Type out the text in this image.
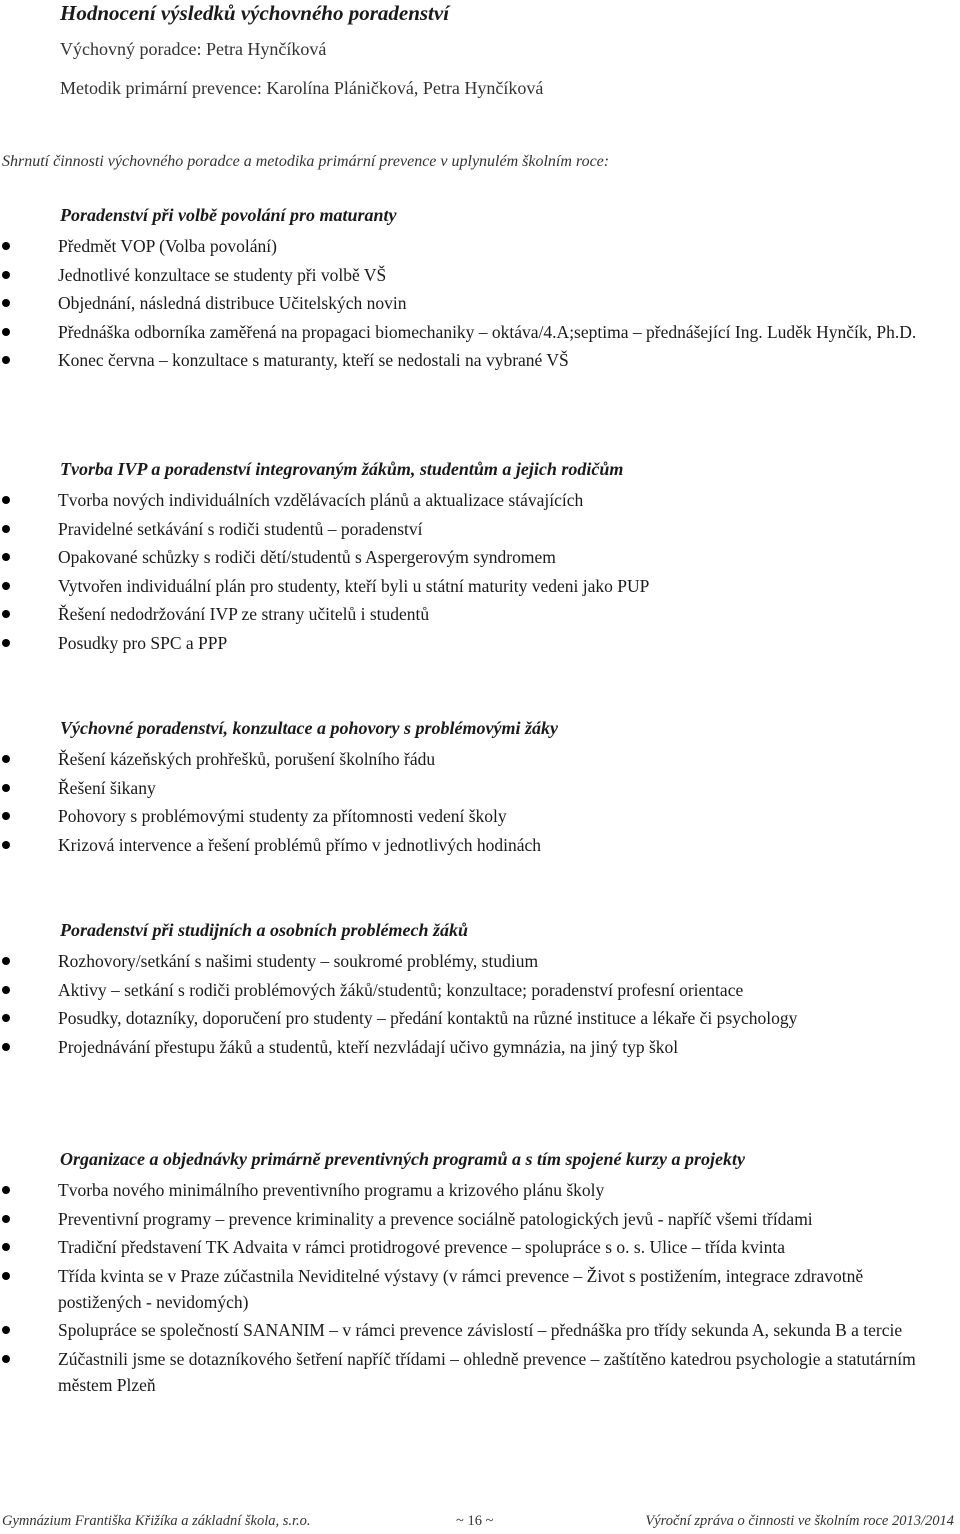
Hodnocení výsledků výchovného poradenství
Výchovný poradce: Petra Hynčíková
Metodik primární prevence: Karolína Pláničková, Petra Hynčíková
Shrnutí činnosti výchovného poradce a metodika primární prevence v uplynulém školním roce:
Poradenství při volbě povolání pro maturanty
Předmět VOP (Volba povolání)
Jednotlivé konzultace se studenty při volbě VŠ
Objednání, následná distribuce Učitelských novin
Přednáška odborníka zaměřená na propagaci biomechaniky – oktáva/4.A;septima – přednášející Ing. Luděk Hynčík, Ph.D.
Konec června – konzultace s maturanty, kteří se nedostali na vybrané VŠ
Tvorba IVP a poradenství integrovaným žákům, studentům a jejich rodičům
Tvorba nových individuálních vzdělávacích plánů a aktualizace stávajících
Pravidelné setkávání s rodiči studentů – poradenství
Opakované schůzky s rodiči dětí/studentů s Aspergerovým syndromem
Vytvořen individuální plán pro studenty, kteří byli u státní maturity vedeni jako PUP
Řešení nedodržování IVP ze strany učitelů i studentů
Posudky pro SPC a PPP
Výchovné poradenství, konzultace a pohovory s problémovými žáky
Řešení kázeňských prohřešků, porušení školního řádu
Řešení šikany
Pohovory s problémovými studenty za přítomnosti vedení školy
Krizová intervence a řešení problémů přímo v jednotlivých hodinách
Poradenství při studijních a osobních problémech žáků
Rozhovory/setkání s našimi studenty – soukromé problémy, studium
Aktivy – setkání s rodiči problémových žáků/studentů; konzultace; poradenství profesní orientace
Posudky, dotazníky, doporučení pro studenty – předání kontaktů na různé instituce a lékaře či psychology
Projednávání přestupu žáků a studentů, kteří nezvládají učivo gymnázia, na jiný typ škol
Organizace a objednávky primárně preventivných programů a s tím spojené kurzy a projekty
Tvorba nového minimálního preventivního programu a krizového plánu školy
Preventivní programy – prevence kriminality a prevence sociálně patologických jevů - napříč všemi třídami
Tradiční představení TK Advaita v rámci protidrogové prevence – spolupráce s o. s. Ulice – třída kvinta
Třída kvinta se v Praze zúčastnila Neviditelné výstavy (v rámci prevence – Život s postižením, integrace zdravotně postižených - nevidomých)
Spolupráce se společností SANANIM – v rámci prevence závislostí – přednáška pro třídy sekunda A, sekunda B a tercie
Zúčastnili jsme se dotazníkového šetření napříč třídami – ohledně prevence – zaštítěno katedrou psychologie a statutárním městem Plzeň
Gymnázium Františka Křižíka a základní škola, s.r.o.	~ 16 ~	Výroční zpráva o činnosti ve školním roce 2013/2014
